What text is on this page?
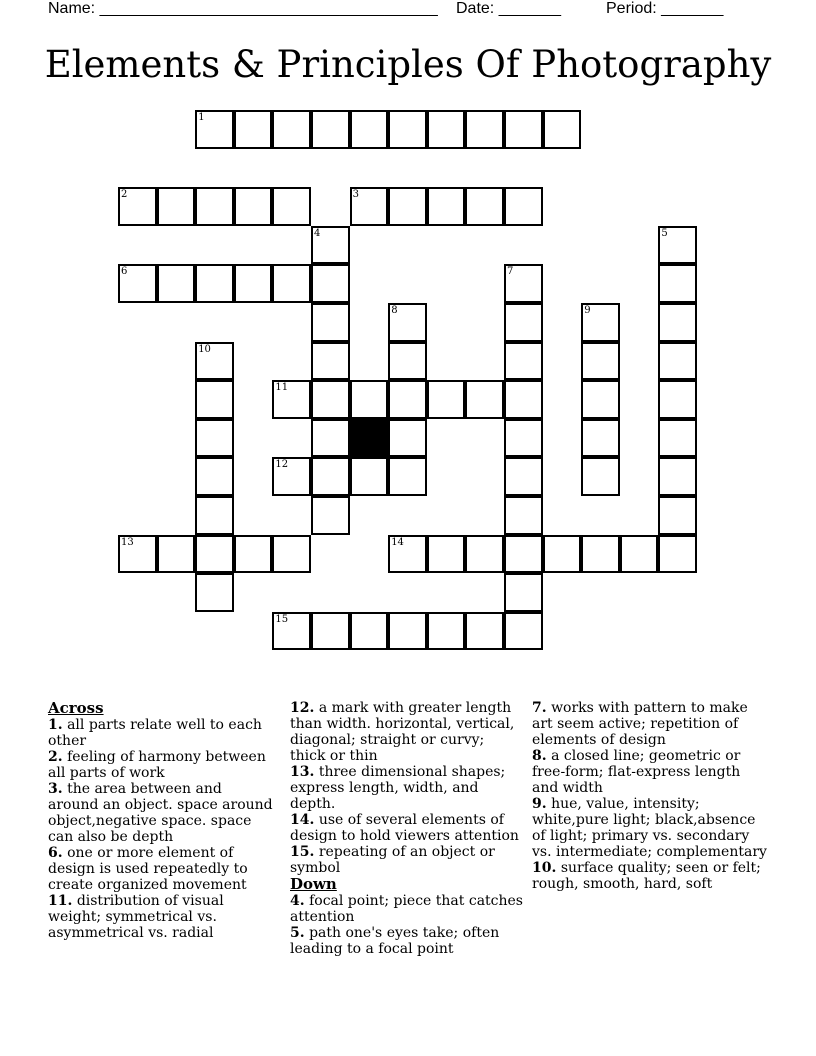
Name: ______________________________________ Date: _______	Period: _______
Elements & Principles Of Photography
1
2	3
4	5
6	7
8	9
10
11
12
13	14
15
Across
1. all parts relate well to each other
2. feeling of harmony between all parts of work
3. the area between and around an object. space around object,negative space. space can also be depth
6. one or more element of design is used repeatedly to create organized movement
11. distribution of visual weight; symmetrical vs. asymmetrical vs. radial
12. a mark with greater length than width. horizontal, vertical, diagonal; straight or curvy; thick or thin
13. three dimensional shapes; express length, width, and depth.
14. use of several elements of design to hold viewers attention
15. repeating of an object or symbol
Down
4. focal point; piece that catches attention
5. path one's eyes take; often leading to a focal point
7. works with pattern to make art seem active; repetition of elements of design
8. a closed line; geometric or free-form; flat-express length and width
9. hue, value, intensity; white,pure light; black,absence of light; primary vs. secondary vs. intermediate; complementary
10. surface quality; seen or felt; rough, smooth, hard, soft
